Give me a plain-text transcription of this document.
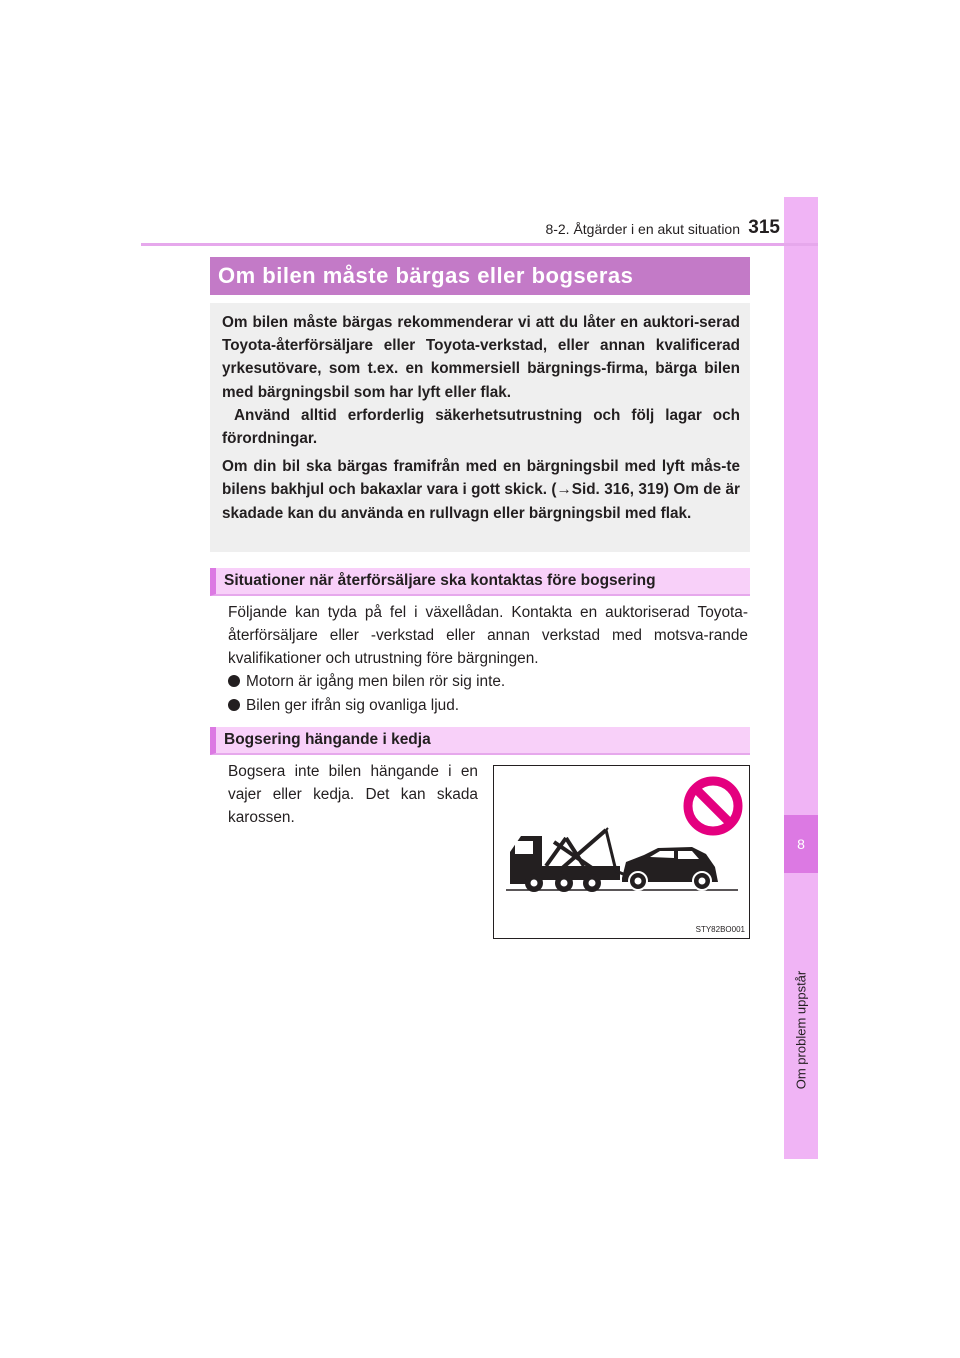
8
Om problem uppstår
8-2. Åtgärder i en akut situation 315
Om bilen måste bärgas eller bogseras

Om bilen måste bärgas rekommenderar vi att du låter en auktori-serad Toyota-återförsäljare eller Toyota-verkstad, eller annan kvalificerad yrkesutövare, som t.ex. en kommersiell bärgnings-firma, bärga bilen med bärgningsbil som har lyft eller flak.
Använd alltid erforderlig säkerhetsutrustning och följ lagar och förordningar.

Om din bil ska bärgas framifrån med en bärgningsbil med lyft mås-te bilens bakhjul och bakaxlar vara i gott skick. (→Sid. 316, 319) Om de är skadade kan du använda en rullvagn eller bärgningsbil med flak.

Situationer när återförsäljare ska kontaktas före bogsering
Följande kan tyda på fel i växellådan. Kontakta en auktoriserad Toyota-återförsäljare eller -verkstad eller annan verkstad med motsva-rande kvalifikationer och utrustning före bärgningen.
Motorn är igång men bilen rör sig inte.
Bilen ger ifrån sig ovanliga ljud.
Bogsering hängande i kedja
Bogsera inte bilen hängande i en vajer eller kedja. Det kan skada karossen.
STY82BO001
